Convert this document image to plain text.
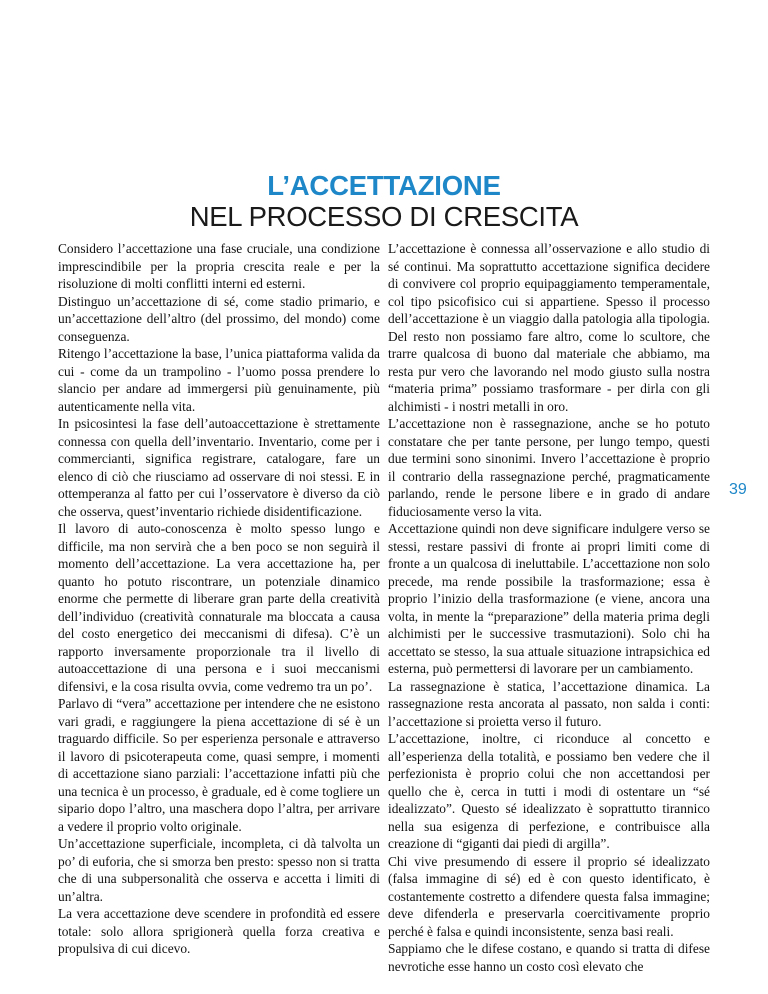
L’ACCETTAZIONE
NEL PROCESSO DI CRESCITA

Considero l’accettazione una fase cruciale, una condizione imprescindibile per la propria crescita reale e per la risoluzione di molti conflitti interni ed esterni.

Distinguo un’accettazione di sé, come stadio primario, e un’accettazione dell’altro (del prossimo, del mondo) come conseguenza.

Ritengo l’accettazione la base, l’unica piattaforma valida da cui - come da un trampolino - l’uomo possa prendere lo slancio per andare ad immergersi più genuinamente, più autenticamente nella vita.

In psicosintesi la fase dell’autoaccettazione è strettamente connessa con quella dell’inventario. Inventario, come per i commercianti, significa registrare, catalogare, fare un elenco di ciò che riusciamo ad osservare di noi stessi. E in ottemperanza al fatto per cui l’osservatore è diverso da ciò che osserva, quest’inventario richiede disidentificazione.

Il lavoro di auto-conoscenza è molto spesso lungo e difficile, ma non servirà che a ben poco se non seguirà il momento dell’accettazione. La vera accettazione ha, per quanto ho potuto riscontrare, un potenziale dinamico enorme che permette di liberare gran parte della creatività dell’individuo (creatività connaturale ma bloccata a causa del costo energetico dei meccanismi di difesa). C’è un rapporto inversamente proporzionale tra il livello di autoaccettazione di una persona e i suoi meccanismi difensivi, e la cosa risulta ovvia, come vedremo tra un po’.

Parlavo di “vera” accettazione per intendere che ne esistono vari gradi, e raggiungere la piena accettazione di sé è un traguardo difficile. So per esperienza personale e attraverso il lavoro di psicoterapeuta come, quasi sempre, i momenti di accettazione siano parziali: l’accettazione infatti più che una tecnica è un processo, è graduale, ed è come togliere un sipario dopo l’altro, una maschera dopo l’altra, per arrivare a vedere il proprio volto originale.

Un’accettazione superficiale, incompleta, ci dà talvolta un po’ di euforia, che si smorza ben presto: spesso non si tratta che di una subpersonalità che osserva e accetta i limiti di un’altra.

La vera accettazione deve scendere in profondità ed essere totale: solo allora sprigionerà quella forza creativa e propulsiva di cui dicevo.

L’accettazione è connessa all’osservazione e allo studio di sé continui. Ma soprattutto accettazione significa decidere di convivere col proprio equipaggiamento temperamentale, col tipo psicofisico cui si appartiene. Spesso il processo dell’accettazione è un viaggio dalla patologia alla tipologia. Del resto non possiamo fare altro, come lo scultore, che trarre qualcosa di buono dal materiale che abbiamo, ma resta pur vero che lavorando nel modo giusto sulla nostra “materia prima” possiamo trasformare - per dirla con gli alchimisti - i nostri metalli in oro.

L’accettazione non è rassegnazione, anche se ho potuto constatare che per tante persone, per lungo tempo, questi due termini sono sinonimi. Invero l’accettazione è proprio il contrario della rassegnazione perché, pragmaticamente parlando, rende le persone libere e in grado di andare fiduciosamente verso la vita.

Accettazione quindi non deve significare indulgere verso se stessi, restare passivi di fronte ai propri limiti come di fronte a un qualcosa di ineluttabile. L’accettazione non solo precede, ma rende possibile la trasformazione; essa è proprio l’inizio della trasformazione (e viene, ancora una volta, in mente la “preparazione” della materia prima degli alchimisti per le successive trasmutazioni). Solo chi ha accettato se stesso, la sua attuale situazione intrapsichica ed esterna, può permettersi di lavorare per un cambiamento.

La rassegnazione è statica, l’accettazione dinamica. La rassegnazione resta ancorata al passato, non salda i conti: l’accettazione si proietta verso il futuro.

L’accettazione, inoltre, ci riconduce al concetto e all’esperienza della totalità, e possiamo ben vedere che il perfezionista è proprio colui che non accettandosi per quello che è, cerca in tutti i modi di ostentare un “sé idealizzato”. Questo sé idealizzato è soprattutto tirannico nella sua esigenza di perfezione, e contribuisce alla creazione di “giganti dai piedi di argilla”.

Chi vive presumendo di essere il proprio sé idealizzato (falsa immagine di sé) ed è con questo identificato, è costantemente costretto a difendere questa falsa immagine; deve difenderla e preservarla coercitivamente proprio perché è falsa e quindi inconsistente, senza basi reali.

Sappiamo che le difese costano, e quando si tratta di difese nevrotiche esse hanno un costo così elevato che

39
